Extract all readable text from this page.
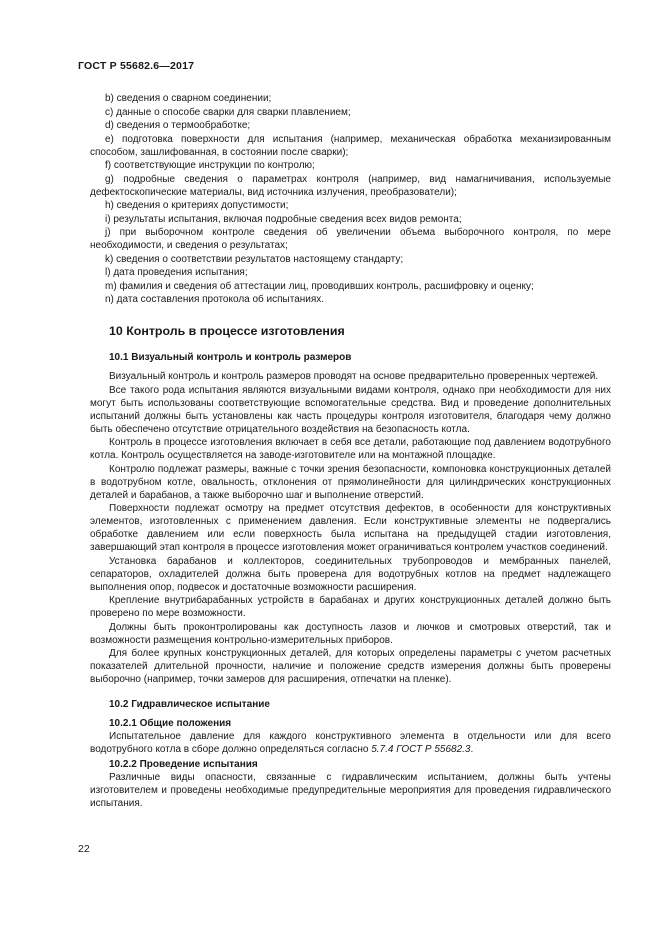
ГОСТ Р 55682.6—2017

b) сведения о сварном соединении;

c) данные о способе сварки для сварки плавлением;

d) сведения о термообработке;

e) подготовка поверхности для испытания (например, механическая обработка механизированным способом, зашлифованная, в состоянии после сварки);

f) соответствующие инструкции по контролю;

g) подробные сведения о параметрах контроля (например, вид намагничивания, используемые дефектоскопические материалы, вид источника излучения, преобразователи);

h) сведения о критериях допустимости;

i) результаты испытания, включая подробные сведения всех видов ремонта;

j) при выборочном контроле сведения об увеличении объема выборочного контроля, по мере необходимости, и сведения о результатах;

k) сведения о соответствии результатов настоящему стандарту;

l) дата проведения испытания;

m) фамилия и сведения об аттестации лиц, проводивших контроль, расшифровку и оценку;

n) дата составления протокола об испытаниях.

10 Контроль в процессе изготовления
10.1 Визуальный контроль и контроль размеров

Визуальный контроль и контроль размеров проводят на основе предварительно проверенных чертежей.

Все такого рода испытания являются визуальными видами контроля, однако при необходимости для них могут быть использованы соответствующие вспомогательные средства. Вид и проведение дополнительных испытаний должны быть установлены как часть процедуры контроля изготовителя, благодаря чему должно быть обеспечено отсутствие отрицательного воздействия на безопасность котла.

Контроль в процессе изготовления включает в себя все детали, работающие под давлением водотрубного котла. Контроль осуществляется на заводе-изготовителе или на монтажной площадке.

Контролю подлежат размеры, важные с точки зрения безопасности, компоновка конструкционных деталей в водотрубном котле, овальность, отклонения от прямолинейности для цилиндрических конструкционных деталей и барабанов, а также выборочно шаг и выполнение отверстий.

Поверхности подлежат осмотру на предмет отсутствия дефектов, в особенности для конструктивных элементов, изготовленных с применением давления. Если конструктивные элементы не подвергались обработке давлением или если поверхность была испытана на предыдущей стадии изготовления, завершающий этап контроля в процессе изготовления может ограничиваться контролем участков соединений.

Установка барабанов и коллекторов, соединительных трубопроводов и мембранных панелей, сепараторов, охладителей должна быть проверена для водотрубных котлов на предмет надлежащего выполнения опор, подвесок и достаточные возможности расширения.

Крепление внутрибарабанных устройств в барабанах и других конструкционных деталей должно быть проверено по мере возможности.

Должны быть проконтролированы как доступность лазов и лючков и смотровых отверстий, так и возможности размещения контрольно-измерительных приборов.

Для более крупных конструкционных деталей, для которых определены параметры с учетом расчетных показателей длительной прочности, наличие и положение средств измерения должны быть проверены выборочно (например, точки замеров для расширения, отпечатки на пленке).

10.2 Гидравлическое испытание
10.2.1 Общие положения

Испытательное давление для каждого конструктивного элемента в отдельности или для всего водотрубного котла в сборе должно определяться согласно 5.7.4 ГОСТ Р 55682.3.

10.2.2 Проведение испытания

Различные виды опасности, связанные с гидравлическим испытанием, должны быть учтены изготовителем и проведены необходимые предупредительные мероприятия для проведения гидравлического испытания.

22
